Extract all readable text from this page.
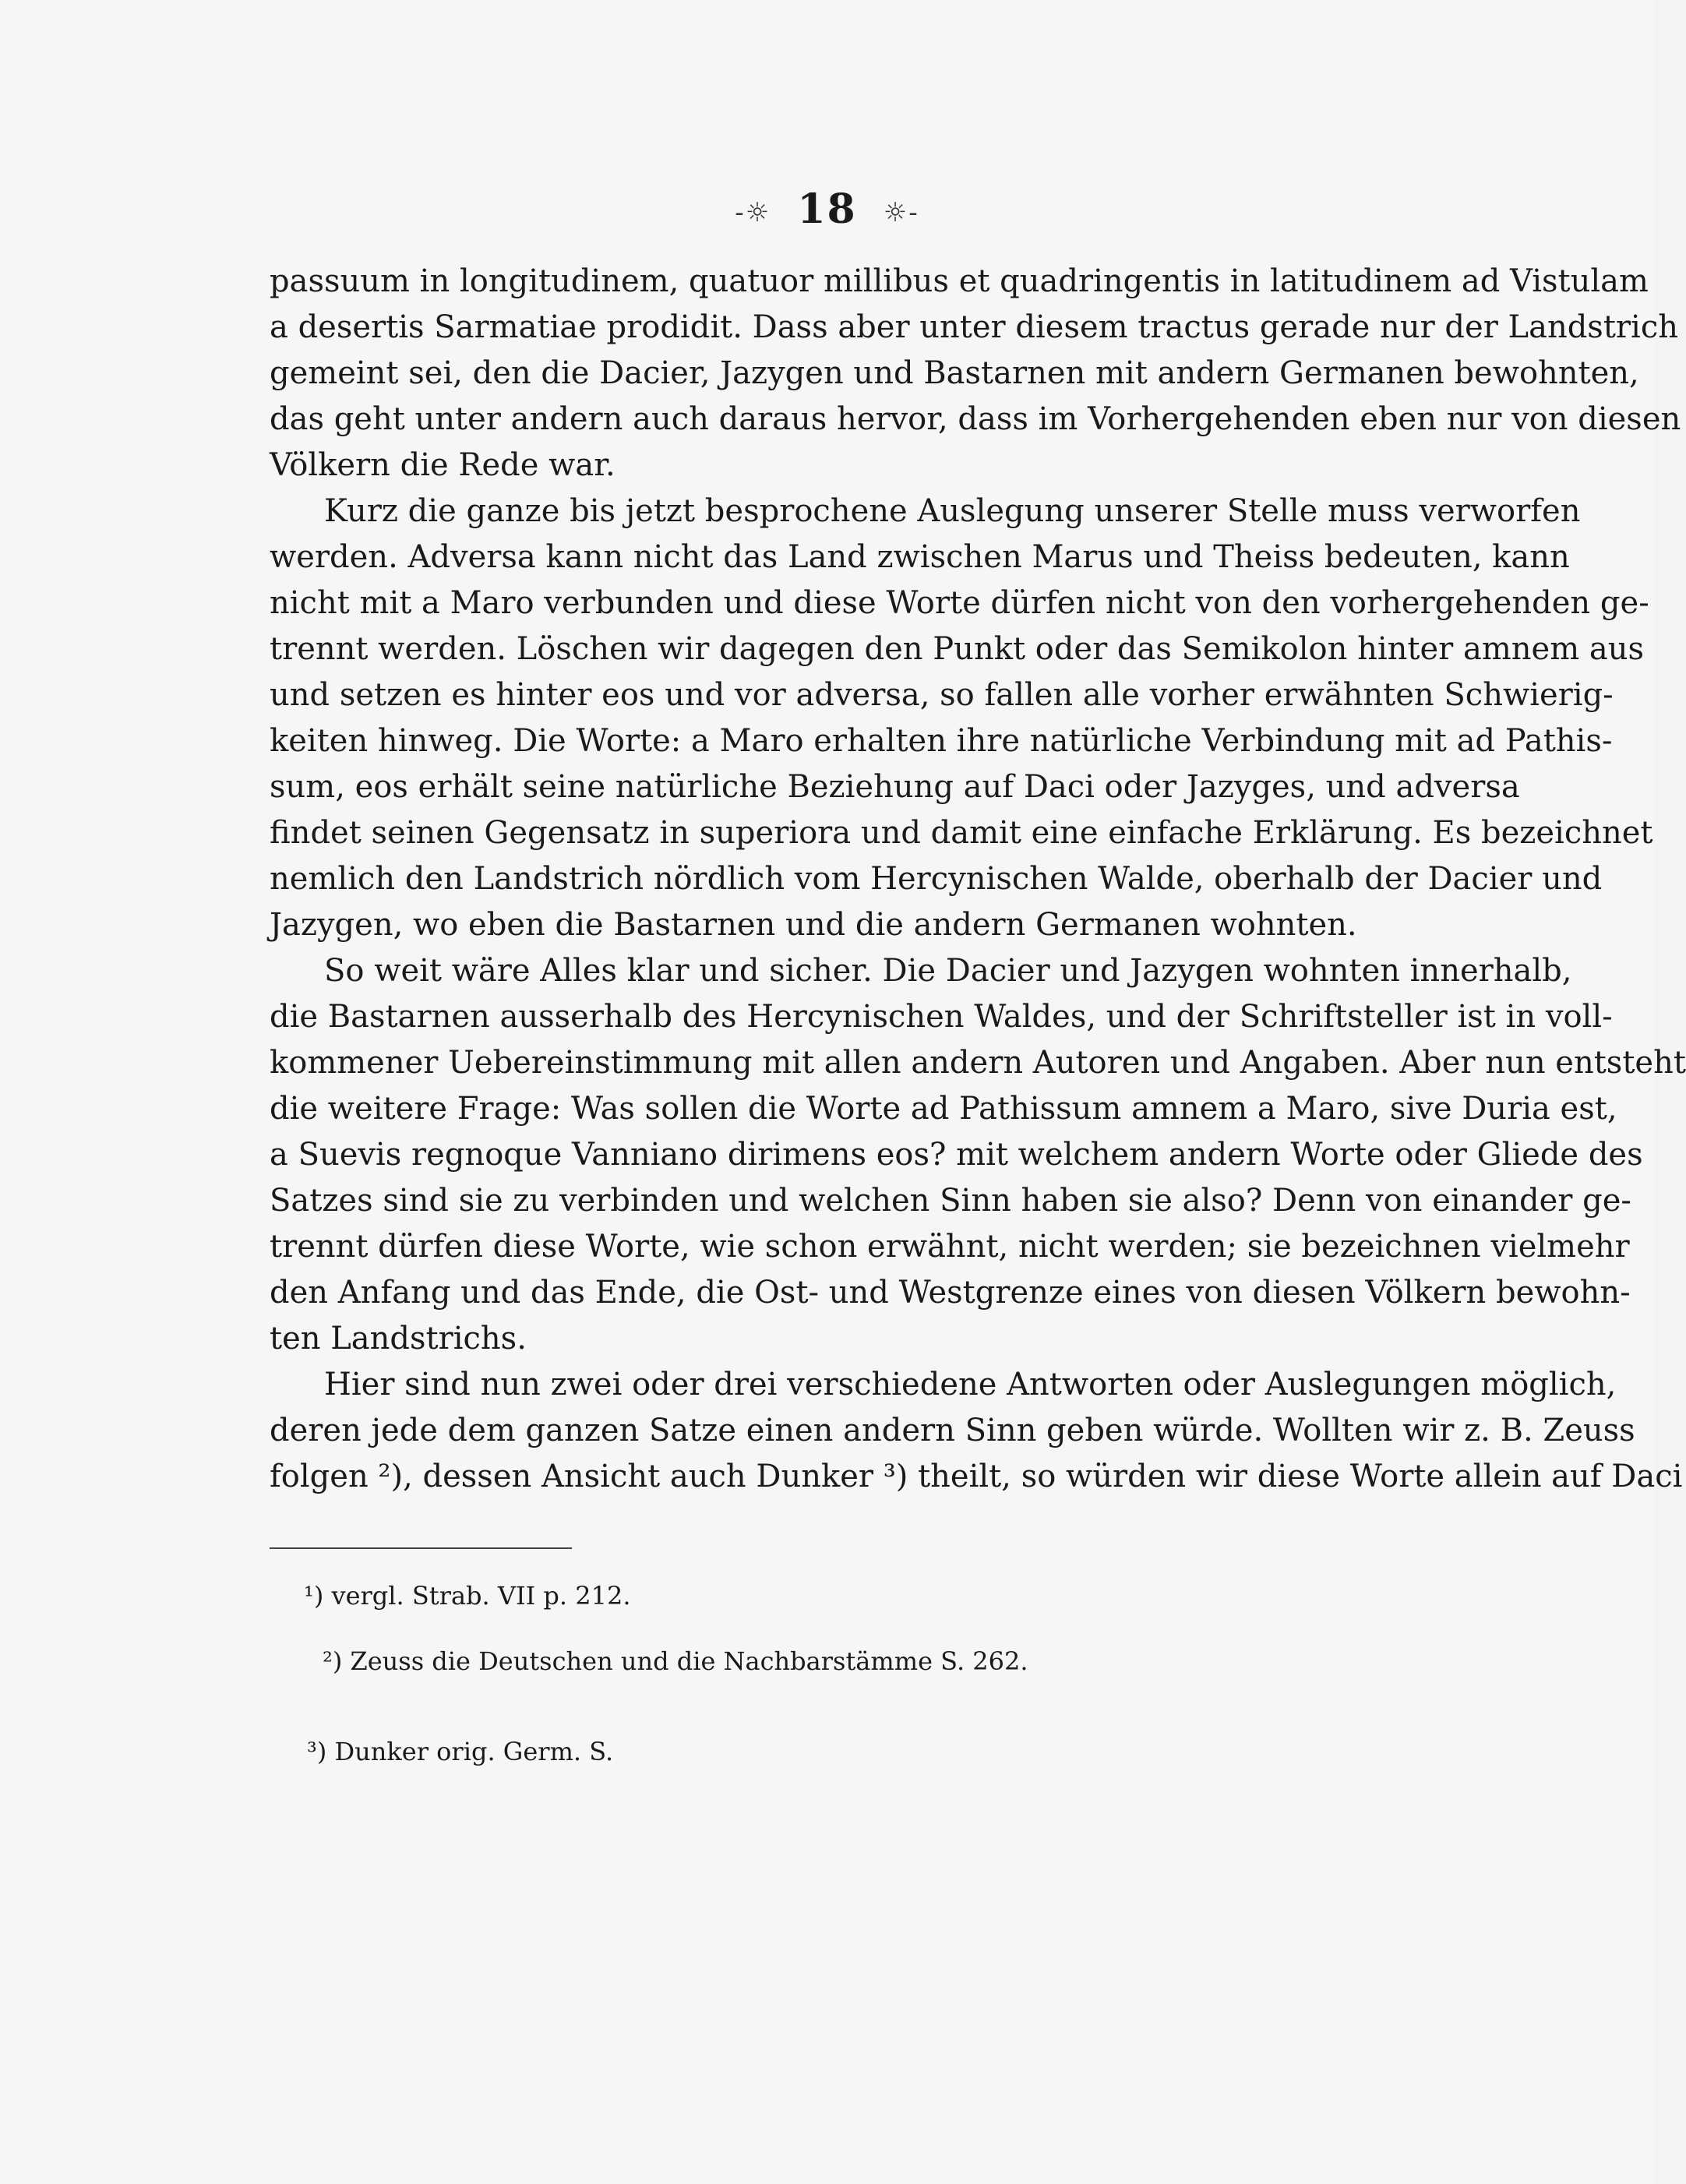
-☼ 18 ☼-
passuum in longitudinem, quatuor millibus et quadringentis in latitudinem ad Vistulam
a desertis Sarmatiae prodidit. Dass aber unter diesem tractus gerade nur der Landstrich
gemeint sei, den die Dacier, Jazygen und Bastarnen mit andern Germanen bewohnten,
das geht unter andern auch daraus hervor, dass im Vorhergehenden eben nur von diesen
Völkern die Rede war.
Kurz die ganze bis jetzt besprochene Auslegung unserer Stelle muss verworfen
werden. Adversa kann nicht das Land zwischen Marus und Theiss bedeuten, kann
nicht mit a Maro verbunden und diese Worte dürfen nicht von den vorhergehenden ge-
trennt werden. Löschen wir dagegen den Punkt oder das Semikolon hinter amnem aus
und setzen es hinter eos und vor adversa, so fallen alle vorher erwähnten Schwierig-
keiten hinweg. Die Worte: a Maro erhalten ihre natürliche Verbindung mit ad Pathis-
sum, eos erhält seine natürliche Beziehung auf Daci oder Jazyges, und adversa
findet seinen Gegensatz in superiora und damit eine einfache Erklärung. Es bezeichnet
nemlich den Landstrich nördlich vom Hercynischen Walde, oberhalb der Dacier und
Jazygen, wo eben die Bastarnen und die andern Germanen wohnten.
So weit wäre Alles klar und sicher. Die Dacier und Jazygen wohnten innerhalb,
die Bastarnen ausserhalb des Hercynischen Waldes, und der Schriftsteller ist in voll-
kommener Uebereinstimmung mit allen andern Autoren und Angaben. Aber nun entsteht
die weitere Frage: Was sollen die Worte ad Pathissum amnem a Maro, sive Duria est,
a Suevis regnoque Vanniano dirimens eos? mit welchem andern Worte oder Gliede des
Satzes sind sie zu verbinden und welchen Sinn haben sie also? Denn von einander ge-
trennt dürfen diese Worte, wie schon erwähnt, nicht werden; sie bezeichnen vielmehr
den Anfang und das Ende, die Ost- und Westgrenze eines von diesen Völkern bewohn-
ten Landstrichs.
Hier sind nun zwei oder drei verschiedene Antworten oder Auslegungen möglich,
deren jede dem ganzen Satze einen andern Sinn geben würde. Wollten wir z. B. Zeuss
folgen ²), dessen Ansicht auch Dunker ³) theilt, so würden wir diese Worte allein auf Daci
¹) vergl. Strab. VII p. 212.
²) Zeuss die Deutschen und die Nachbarstämme S. 262.
³) Dunker orig. Germ. S.
